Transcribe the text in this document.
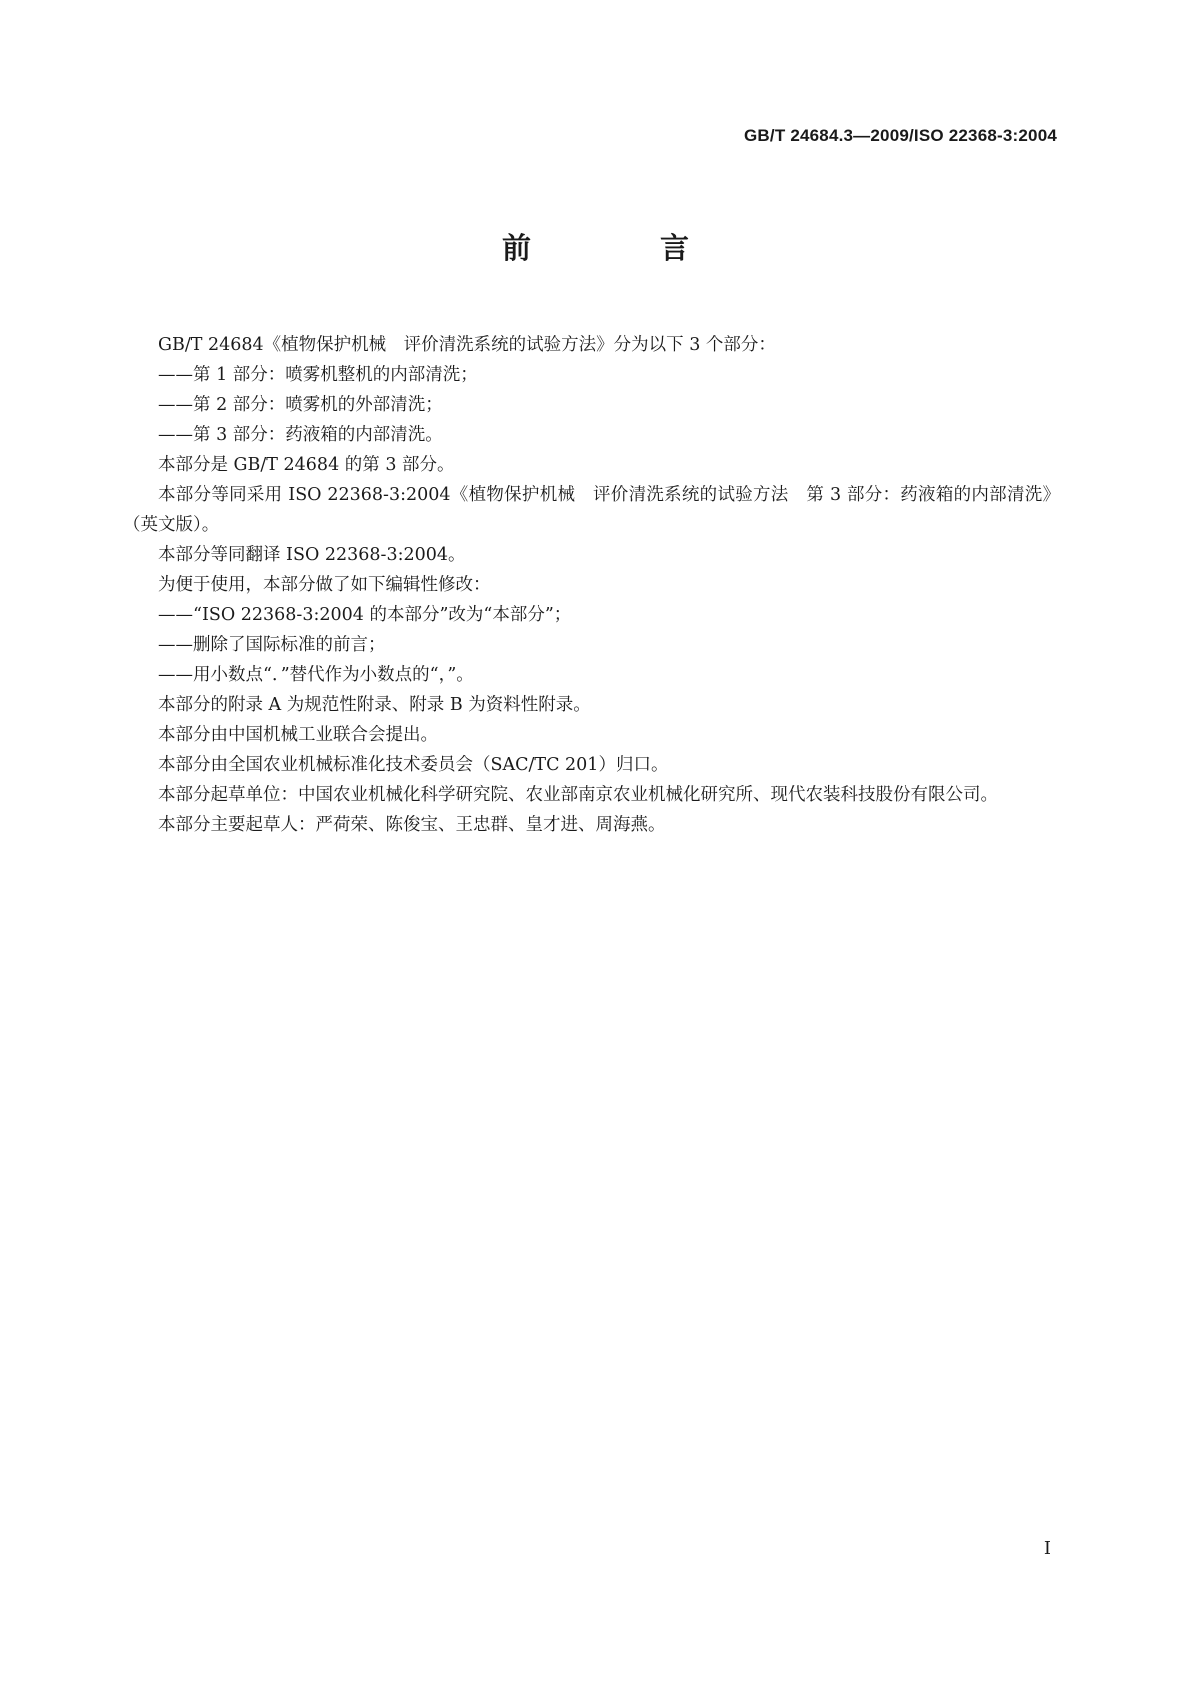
GB/T 24684.3—2009/ISO 22368-3:2004
前　言

GB/T 24684《植物保护机械　评价清洗系统的试验方法》分为以下 3 个部分：

——第 1 部分：喷雾机整机的内部清洗；

——第 2 部分：喷雾机的外部清洗；

——第 3 部分：药液箱的内部清洗。

本部分是 GB/T 24684 的第 3 部分。

本部分等同采用 ISO 22368-3:2004《植物保护机械　评价清洗系统的试验方法　第 3 部分：药液箱的内部清洗》（英文版）。

本部分等同翻译 ISO 22368-3:2004。

为便于使用，本部分做了如下编辑性修改：

——“ISO 22368-3:2004 的本部分”改为“本部分”；

——删除了国际标准的前言；

——用小数点“．”替代作为小数点的“，”。

本部分的附录 A 为规范性附录、附录 B 为资料性附录。

本部分由中国机械工业联合会提出。

本部分由全国农业机械标准化技术委员会（SAC/TC 201）归口。

本部分起草单位：中国农业机械化科学研究院、农业部南京农业机械化研究所、现代农装科技股份有限公司。

本部分主要起草人：严荷荣、陈俊宝、王忠群、皇才进、周海燕。

I
